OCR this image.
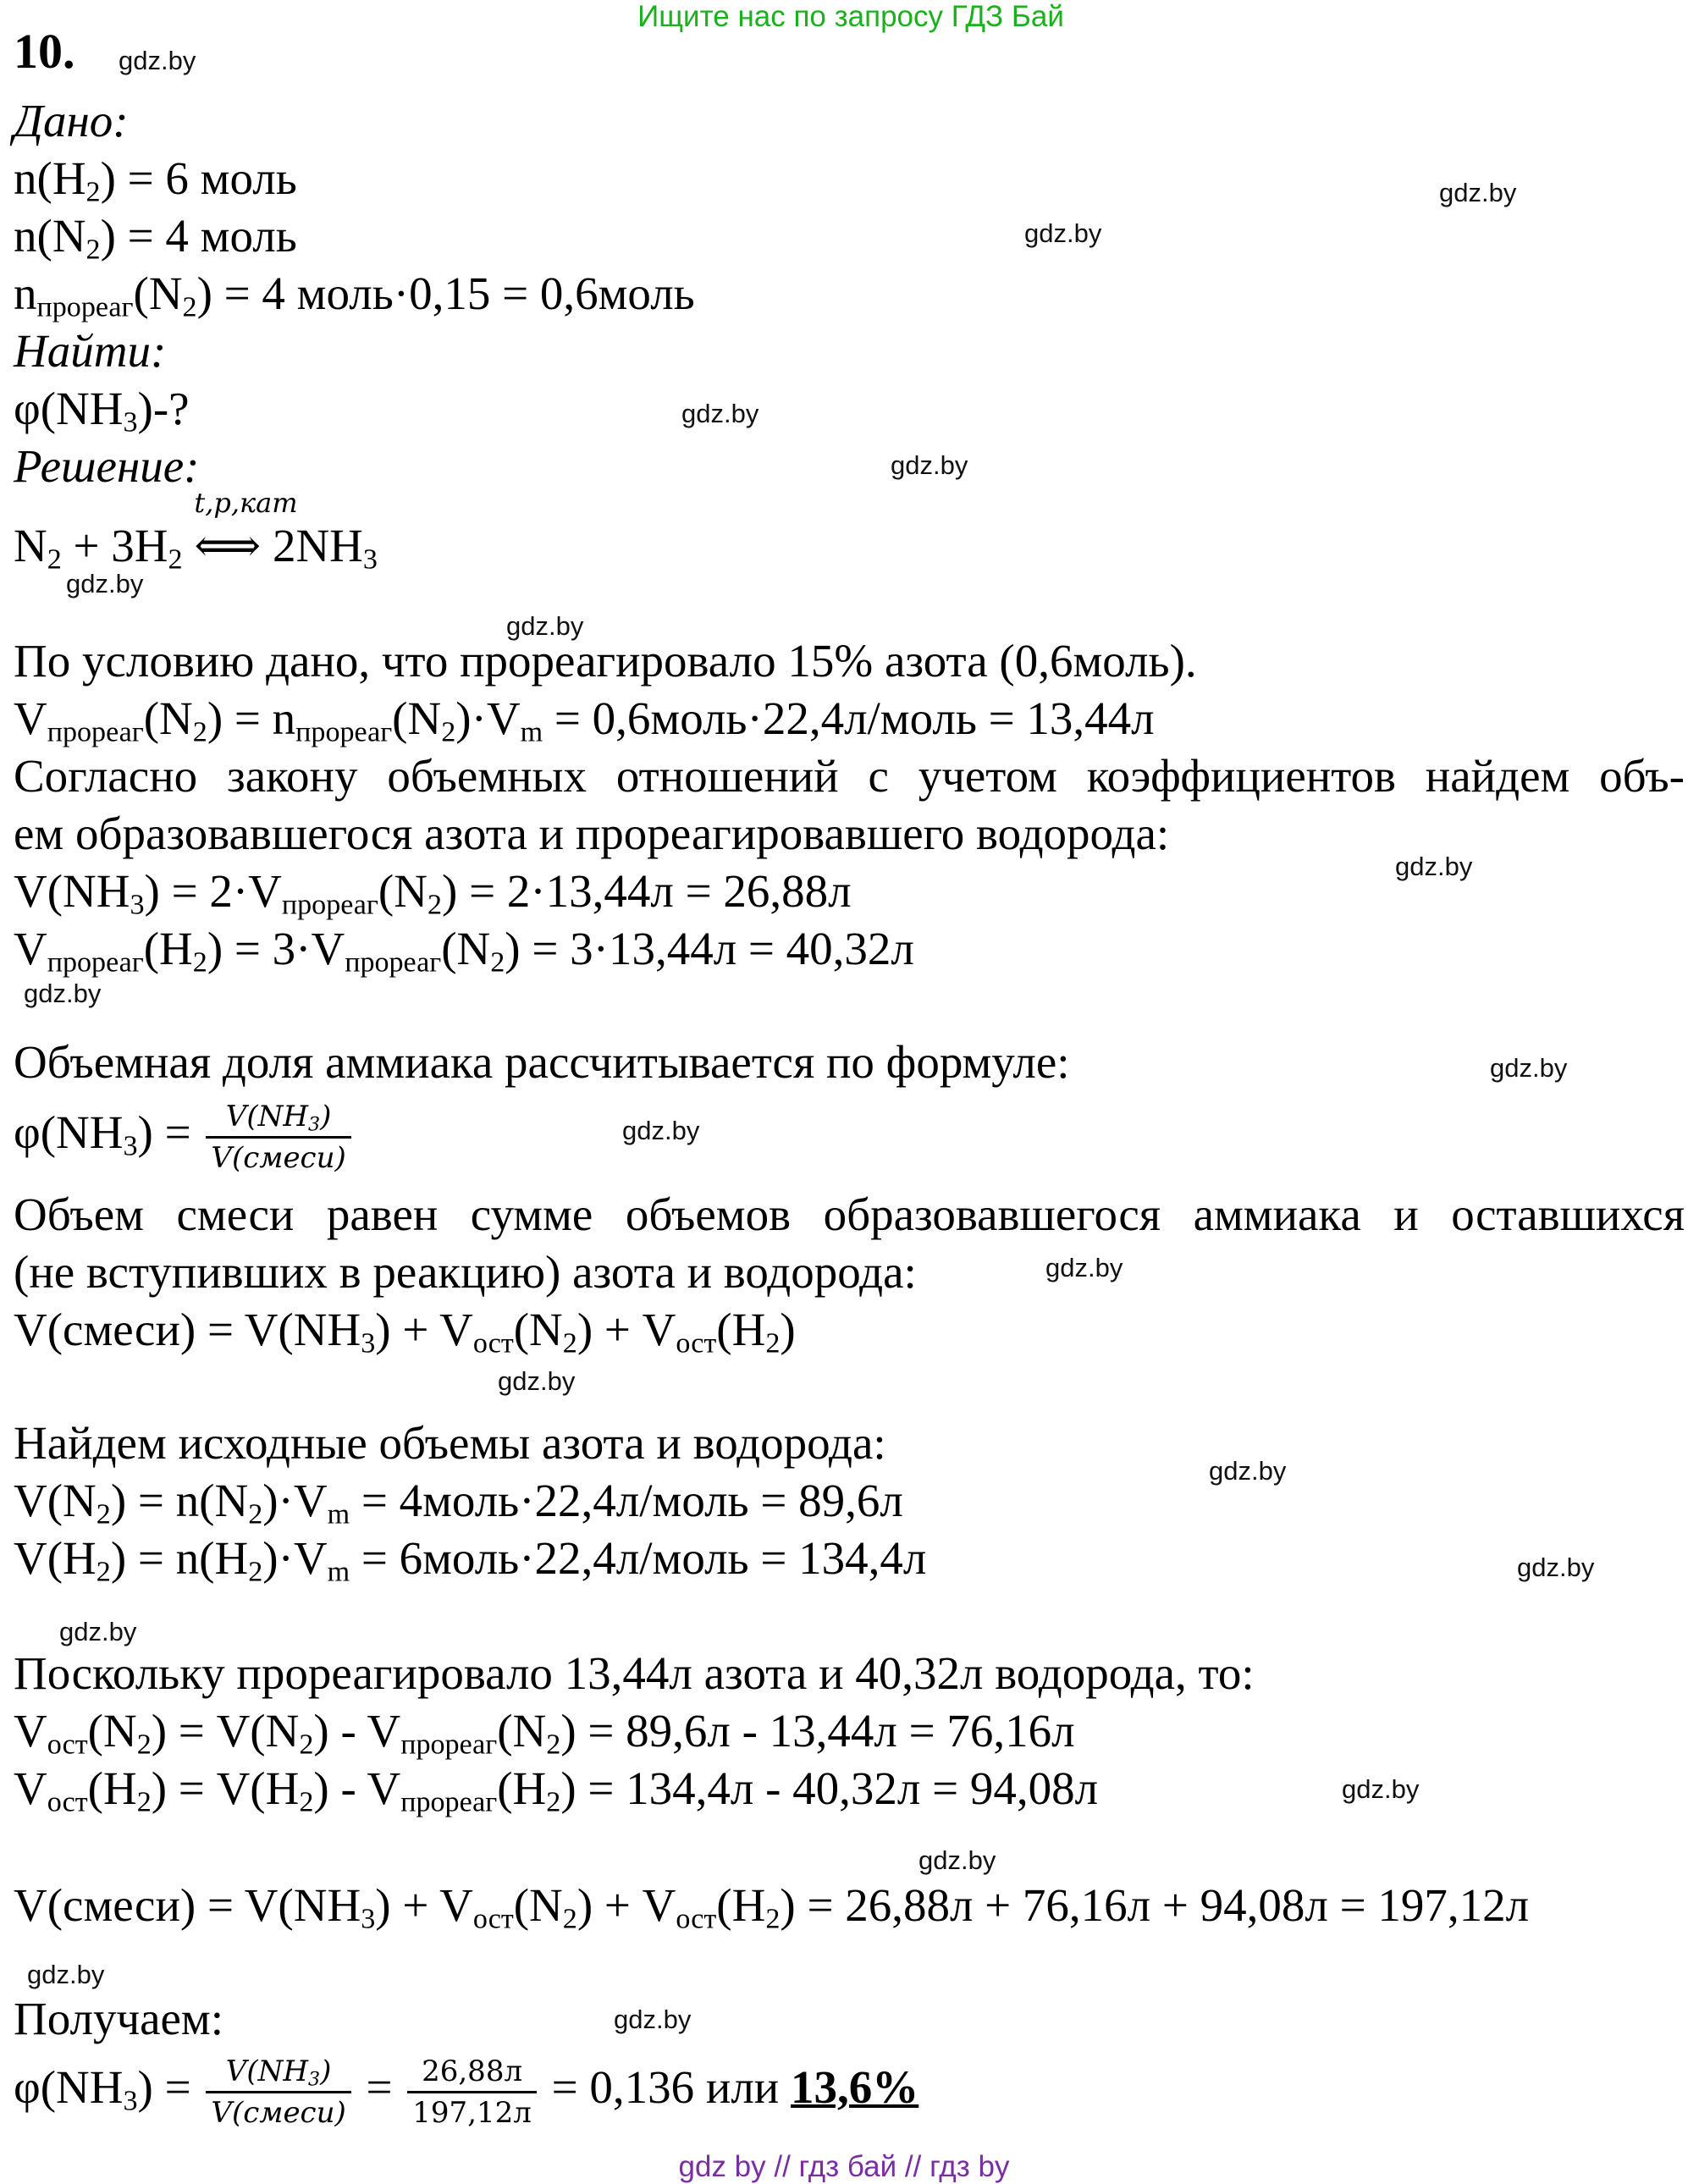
Ищите нас по запросу ГДЗ Бай
10.
Дано:
$n(H_2) = 6$ моль
$n(N_2) = 4$ моль
$n_{прореаг}(N_2) = 4$ моль·0,15 = 0,6моль
Найти:
$\varphi(NH_3)-$?
Решение:
$N_2 + 3H_2$
t,p,кат
⟺ $2NH_3$
По условию дано, что прореагировало 15% азота (0,6моль).
$V_{прореаг}(N_2) = n_{прореаг}(N_2)\cdot V_m$ = 0,6моль·22,4л/моль = 13,44л
Согласно закону объемных отношений с учетом коэффициентов найдем объ-
ем образовавшегося азота и прореагировавшего водорода:
$V(NH_3) = 2\cdot V_{прореаг}(N_2) = 2\cdot 13,44л = 26,88л$
$V_{прореаг}(H_2) = 3\cdot V_{прореаг}(N_2) = 3\cdot 13,44л = 40,32л$
Объемная доля аммиака рассчитывается по формуле:
$\varphi(NH_3) = \frac{V(NH_3)}{\text{V(смеси)}}$
Объем смеси равен сумме объемов образовавшегося аммиака и оставшихся
(не вступивших в реакцию) азота и водорода:
V(смеси) = $V(NH_3) + V_{ост}(N_2) + V_{ост}(H_2)$
Найдем исходные объемы азота и водорода:
$V(N_2) = n(N_2)\cdot V_m$ = 4моль·22,4л/моль = 89,6л
$V(H_2) = n(H_2)\cdot V_m$ = 6моль·22,4л/моль = 134,4л
Поскольку прореагировало 13,44л азота и 40,32л водорода, то:
$V_{ост}(N_2) = V(N_2) - V_{прореаг}(N_2) = 89,6л - 13,44л = 76,16л$
$V_{ост}(H_2) = V(H_2) - V_{прореаг}(H_2) = 134,4л - 40,32л = 94,08л$
V(смеси) = $V(NH_3) + V_{ост}(N_2) + V_{ост}(H_2) = 26,88л + 76,16л + 94,08л = 197,12л$
Получаем:
$\varphi(NH_3) = \frac{V(NH_3)}{\text{V(смеси)}} = \frac{26,88л}{197,12л} = 0,136$ или 13,6%
gdz.by
gdz.by
gdz.by
gdz.by
gdz.by
gdz.by
gdz.by
gdz.by
gdz.by
gdz.by
gdz.by
gdz.by
gdz.by
gdz.by
gdz.by
gdz.by
gdz.by
gdz.by
gdz.by
gdz.by
gdz by // гдз бай // гдз by
